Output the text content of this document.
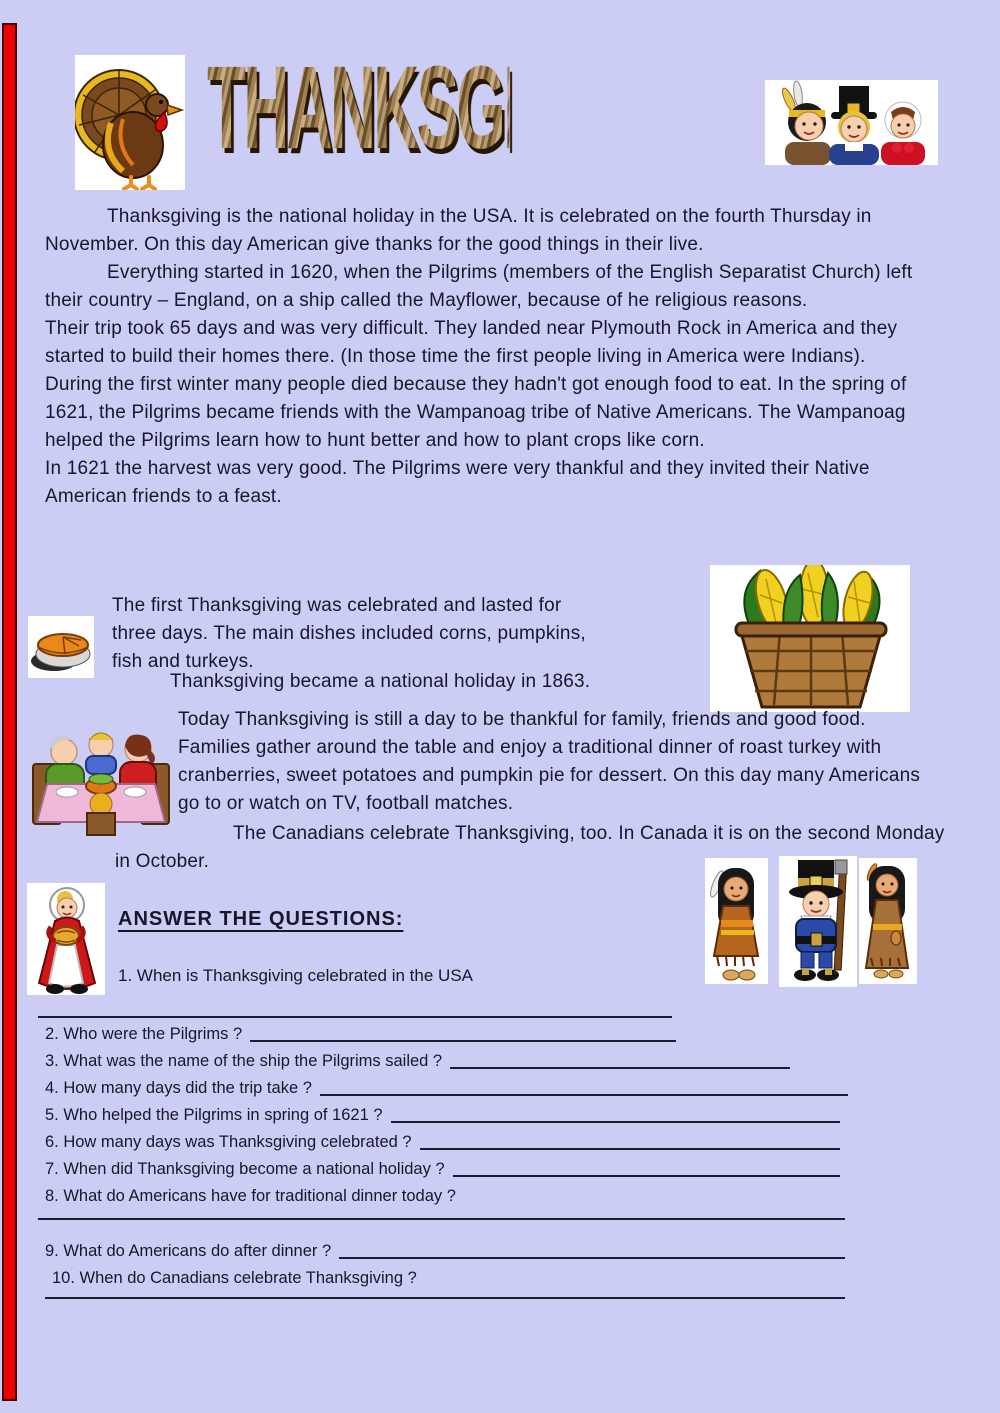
THANKSGIVING

Thanksgiving is the national holiday in the USA. It is celebrated on the fourth Thursday in November. On this day American give thanks for the good things in their live.

Everything started in 1620, when the Pilgrims (members of the English Separatist Church) left their country – England, on a ship called the Mayflower, because of he religious reasons.

Their trip took 65 days and was very difficult. They landed near Plymouth Rock in America and they started to build their homes there. (In those time the first people living in America were Indians).

During the first winter many people died because they hadn't got enough food to eat. In the spring of 1621, the Pilgrims became friends with the Wampanoag tribe of Native Americans. The Wampanoag helped the Pilgrims learn how to hunt better and how to plant crops like corn.

In 1621 the harvest was very good. The Pilgrims were very thankful and they invited their Native American friends to a feast.

The first Thanksgiving was celebrated and lasted for three days. The main dishes included corns, pumpkins, fish and turkeys.
Thanksgiving became a national holiday in 1863.
Today Thanksgiving is still a day to be thankful for family, friends and good food. Families gather around the table and enjoy a traditional dinner of roast turkey with cranberries, sweet potatoes and pumpkin pie for dessert. On this day many Americans go to or watch on TV, football matches.
The Canadians celebrate Thanksgiving, too. In Canada it is on the second Monday in October.
ANSWER THE QUESTIONS:
1. When is Thanksgiving celebrated in the USA
2. Who were the Pilgrims ?
3. What was the name of the ship the Pilgrims sailed ?
4. How many days did the trip take ?
5. Who helped the Pilgrims in spring of 1621 ?
6. How many days was Thanksgiving celebrated ?
7. When did Thanksgiving become a national holiday ?
8. What do Americans have for traditional dinner today ?
9. What do Americans do after dinner ?
10. When do Canadians celebrate Thanksgiving ?
